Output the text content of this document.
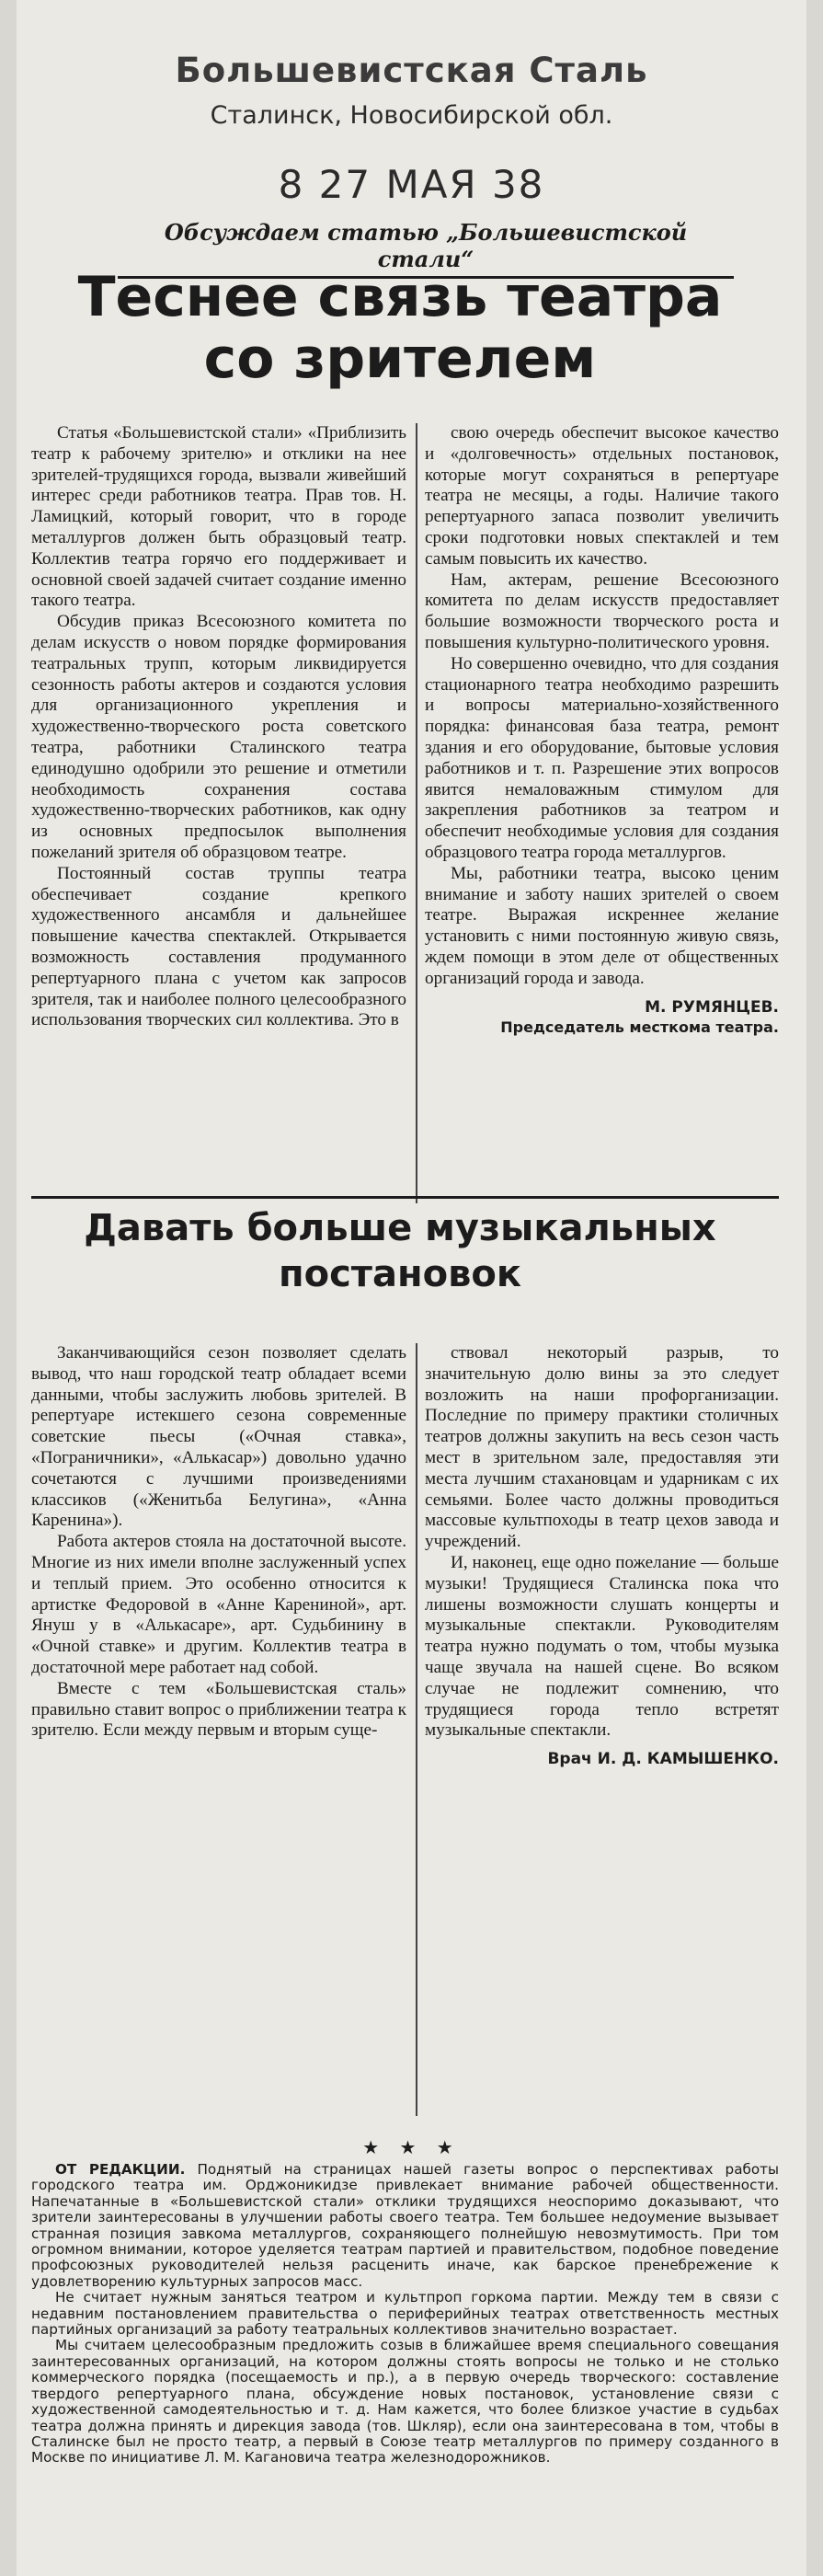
Большевистская Сталь
Сталинск, Новосибирской обл.
8 27 МАЯ 38
Обсуждаем статью „Большевистской стали“
Теснее связь театра
со зрителем

Статья «Большевистской стали» «Приблизить театр к рабочему зрителю» и отклики на нее зрителей-трудящихся города, вызвали живейший интерес среди работников театра. Прав тов. Н. Ламицкий, который говорит, что в городе металлургов должен быть образцовый театр. Коллектив театра горячо его поддерживает и основной своей задачей считает создание именно такого театра.

Обсудив приказ Всесоюзного комитета по делам искусств о новом порядке формирования театральных трупп, которым ликвидируется сезонность работы актеров и создаются условия для организационного укрепления и художественно-творческого роста советского театра, работники Сталинского театра единодушно одобрили это решение и отметили необходимость сохранения состава художественно-творческих работников, как одну из основных предпосылок выполнения пожеланий зрителя об образцовом театре.

Постоянный состав труппы театра обеспечивает создание крепкого художественного ансамбля и дальнейшее повышение качества спектаклей. Открывается возможность составления продуманного репертуарного плана с учетом как запросов зрителя, так и наиболее полного целесообразного использования творческих сил коллектива. Это в

свою очередь обеспечит высокое качество и «долговечность» отдельных постановок, которые могут сохраняться в репертуаре театра не месяцы, а годы. Наличие такого репертуарного запаса позволит увеличить сроки подготовки новых спектаклей и тем самым повысить их качество.

Нам, актерам, решение Всесоюзного комитета по делам искусств предоставляет большие возможности творческого роста и повышения культурно-политического уровня.

Но совершенно очевидно, что для создания стационарного театра необходимо разрешить и вопросы материально-хозяйственного порядка: финансовая база театра, ремонт здания и его оборудование, бытовые условия работников и т. п. Разрешение этих вопросов явится немаловажным стимулом для закрепления работников за театром и обеспечит необходимые условия для создания образцового театра города металлургов.

Мы, работники театра, высоко ценим внимание и заботу наших зрителей о своем театре. Выражая искреннее желание установить с ними постоянную живую связь, ждем помощи в этом деле от общественных организаций города и завода.

М. РУМЯНЦЕВ.

Председатель месткома театра.

Давать больше музыкальных
постановок

Заканчивающийся сезон позволяет сделать вывод, что наш городской театр обладает всеми данными, чтобы заслужить любовь зрителей. В репертуаре истекшего сезона современные советские пьесы («Очная ставка», «Пограничники», «Алькасар») довольно удачно сочетаются с лучшими произведениями классиков («Женитьба Белугина», «Анна Каренина»).

Работа актеров стояла на достаточной высоте. Многие из них имели вполне заслуженный успех и теплый прием. Это особенно относится к артистке Федоровой в «Анне Карениной», арт. Януш у в «Алькасаре», арт. Судьбинину в «Очной ставке» и другим. Коллектив театра в достаточной мере работает над собой.

Вместе с тем «Большевистская сталь» правильно ставит вопрос о приближении театра к зрителю. Если между первым и вторым суще-

ствовал некоторый разрыв, то значительную долю вины за это следует возложить на наши профорганизации. Последние по примеру практики столичных театров должны закупить на весь сезон часть мест в зрительном зале, предоставляя эти места лучшим стахановцам и ударникам с их семьями. Более часто должны проводиться массовые культпоходы в театр цехов завода и учреждений.

И, наконец, еще одно пожелание — больше музыки! Трудящиеся Сталинска пока что лишены возможности слушать концерты и музыкальные спектакли. Руководителям театра нужно подумать о том, чтобы музыка чаще звучала на нашей сцене. Во всяком случае не подлежит сомнению, что трудящиеся города тепло встретят музыкальные спектакли.

Врач И. Д. КАМЫШЕНКО.

★ ★ ★

ОТ РЕДАКЦИИ. Поднятый на страницах нашей газеты вопрос о перспективах работы городского театра им. Орджоникидзе привлекает внимание рабочей общественности. Напечатанные в «Большевистской стали» отклики трудящихся неоспоримо доказывают, что зрители заинтересованы в улучшении работы своего театра. Тем большее недоумение вызывает странная позиция завкома металлургов, сохраняющего полнейшую невозмутимость. При том огромном внимании, которое уделяется театрам партией и правительством, подобное поведение профсоюзных руководителей нельзя расценить иначе, как барское пренебрежение к удовлетворению культурных запросов масс.

Не считает нужным заняться театром и культпроп горкома партии. Между тем в связи с недавним постановлением правительства о периферийных театрах ответственность местных партийных организаций за работу театральных коллективов значительно возрастает.

Мы считаем целесообразным предложить созыв в ближайшее время специального совещания заинтересованных организаций, на котором должны стоять вопросы не только и не столько коммерческого порядка (посещаемость и пр.), а в первую очередь творческого: составление твердого репертуарного плана, обсуждение новых постановок, установление связи с художественной самодеятельностью и т. д. Нам кажется, что более близкое участие в судьбах театра должна принять и дирекция завода (тов. Шкляр), если она заинтересована в том, чтобы в Сталинске был не просто театр, а первый в Союзе театр металлургов по примеру созданного в Москве по инициативе Л. М. Кагановича театра железнодорожников.
